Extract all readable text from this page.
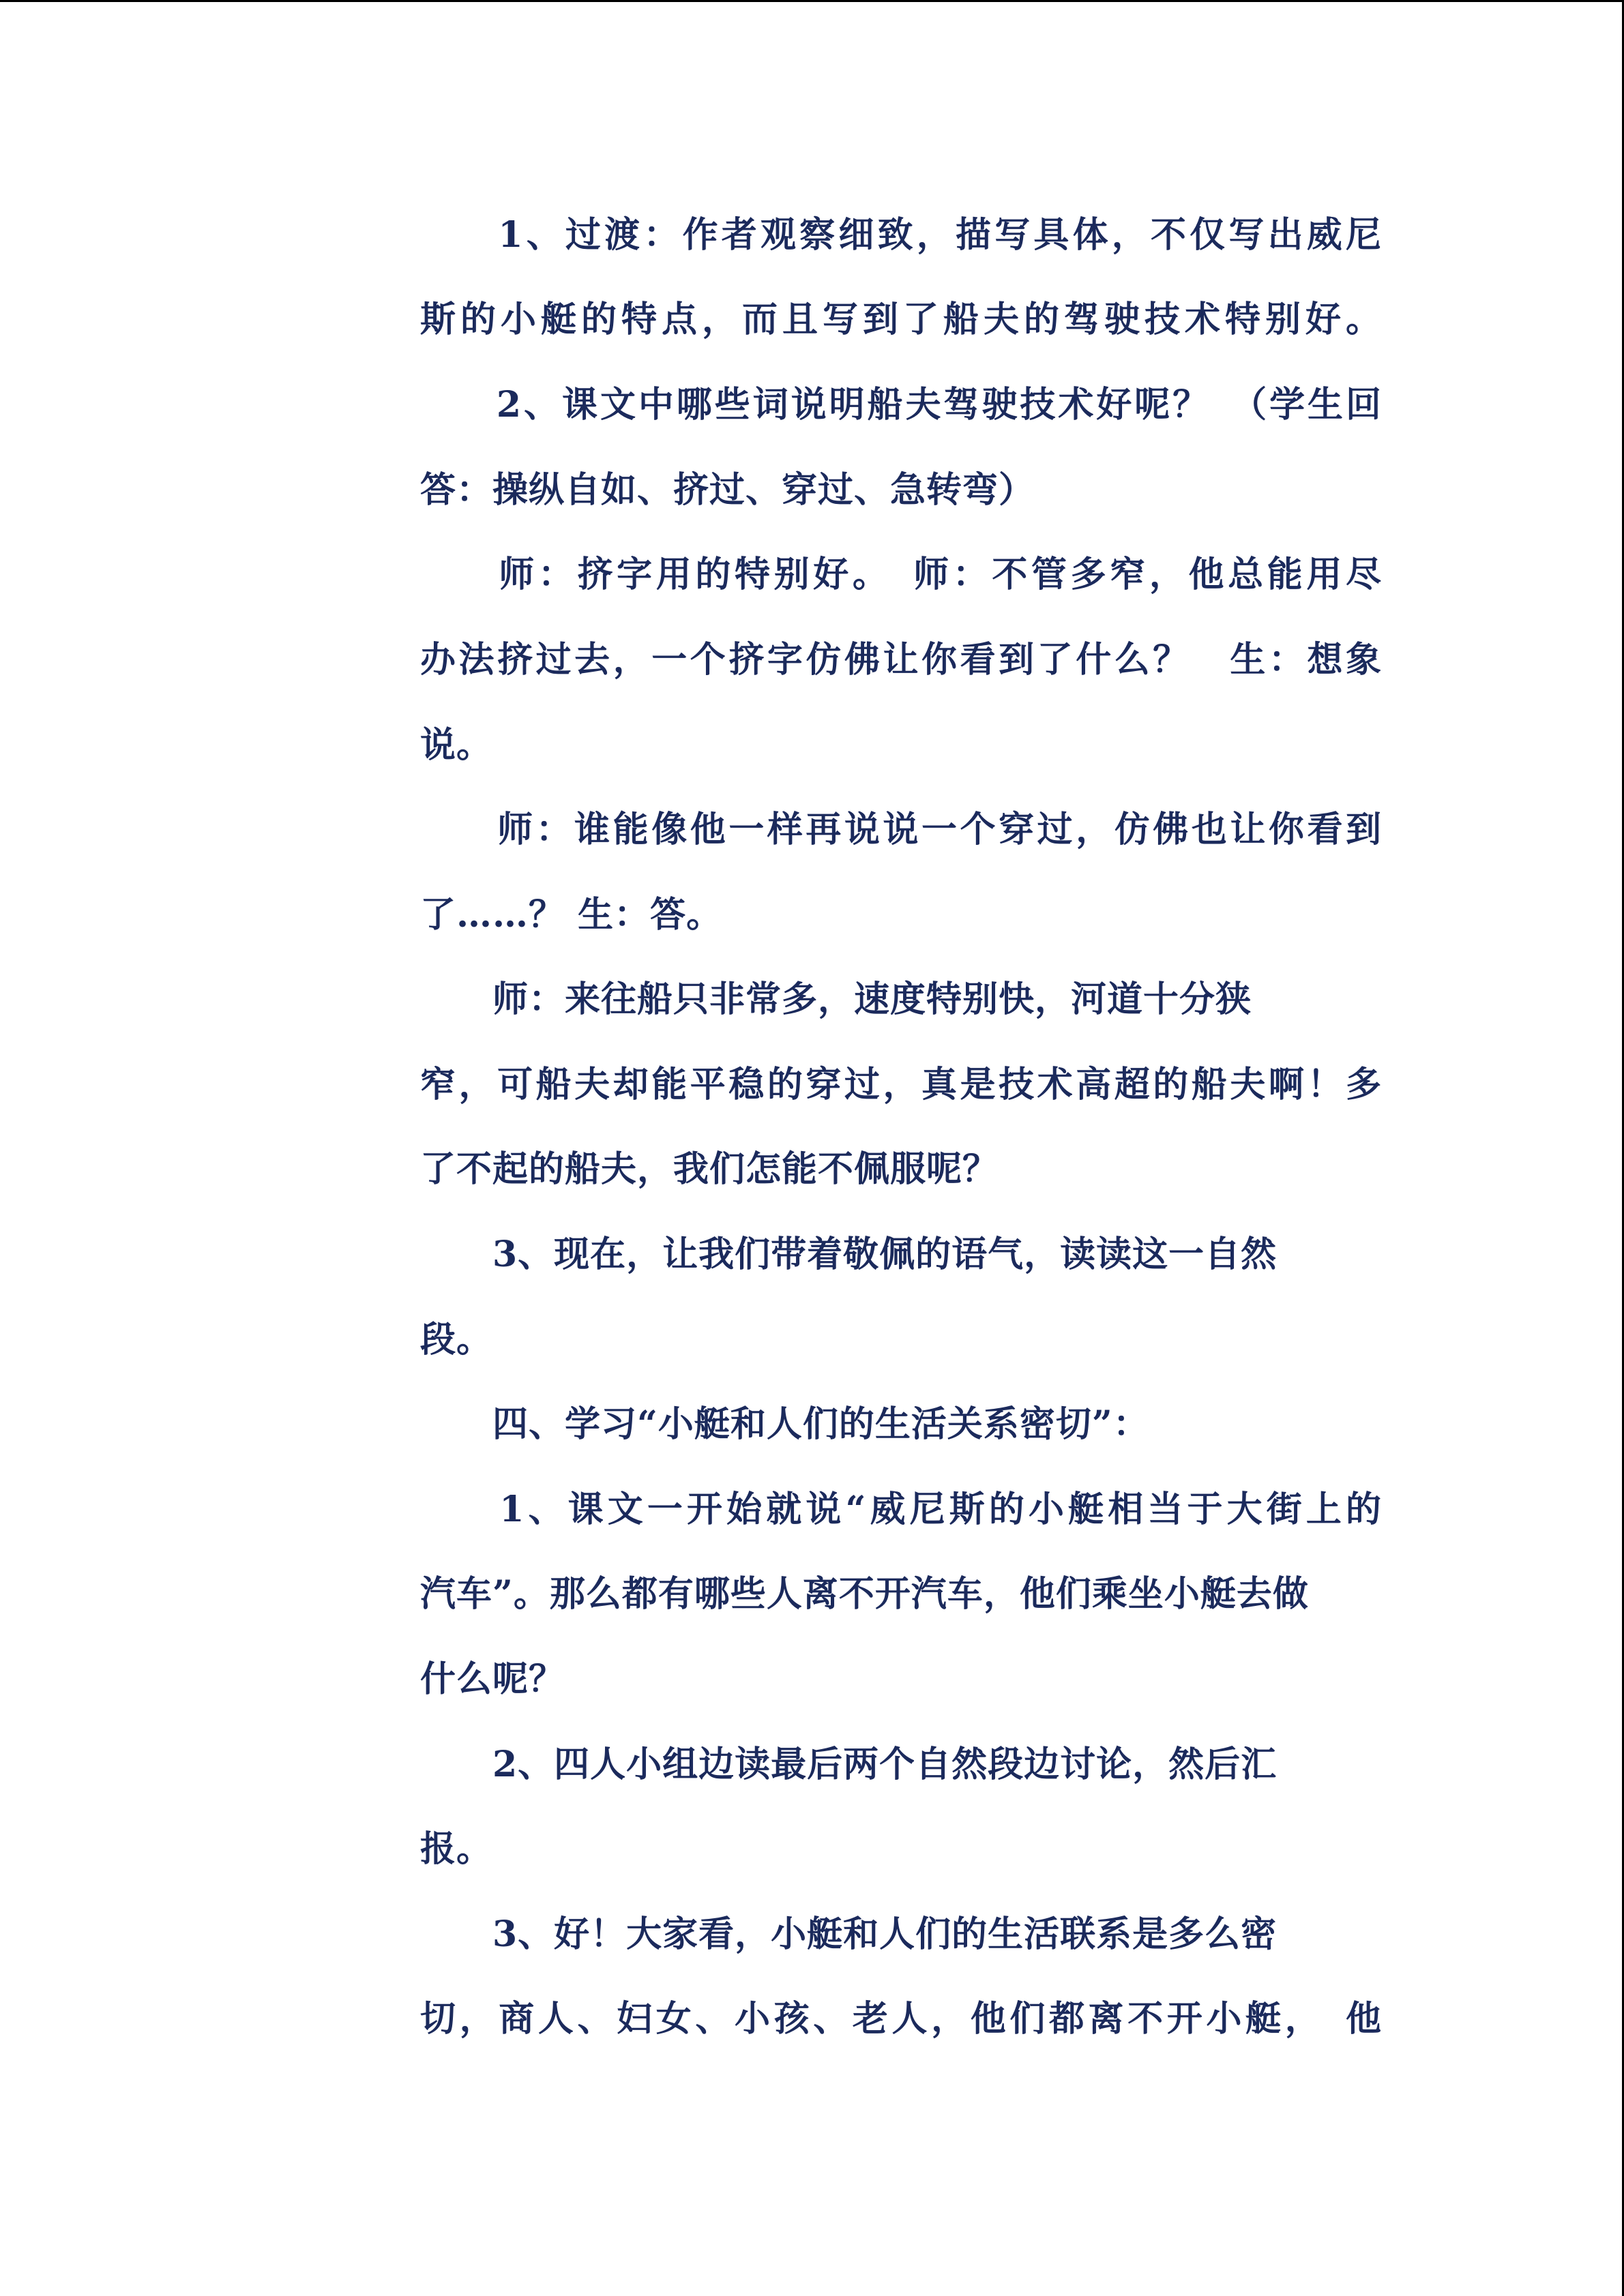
　　1、过渡：作者观察细致，描写具体，不仅写出威尼
斯的小艇的特点，而且写到了船夫的驾驶技术特别好。
　　2、课文中哪些词说明船夫驾驶技术好呢？　（学生回
答：操纵自如、挤过、穿过、急转弯）
　　师：挤字用的特别好。　师：不管多窄，他总能用尽
办法挤过去，一个挤字仿佛让你看到了什么？　生：想象
说。
　　师：谁能像他一样再说说一个穿过，仿佛也让你看到
了……？ 生：答。
　　师：来往船只非常多，速度特别快，河道十分狭
窄，可船夫却能平稳的穿过，真是技术高超的船夫啊！多
了不起的船夫，我们怎能不佩服呢？
　　3、现在，让我们带着敬佩的语气，读读这一自然
段。
　　四、学习“小艇和人们的生活关系密切”：
　　1、课文一开始就说“威尼斯的小艇相当于大街上的
汽车”。那么都有哪些人离不开汽车，他们乘坐小艇去做
什么呢？
　　2、四人小组边读最后两个自然段边讨论，然后汇
报。
　　3、好！大家看，小艇和人们的生活联系是多么密
切，商人、妇女、小孩、老人，他们都离不开小艇，　他
